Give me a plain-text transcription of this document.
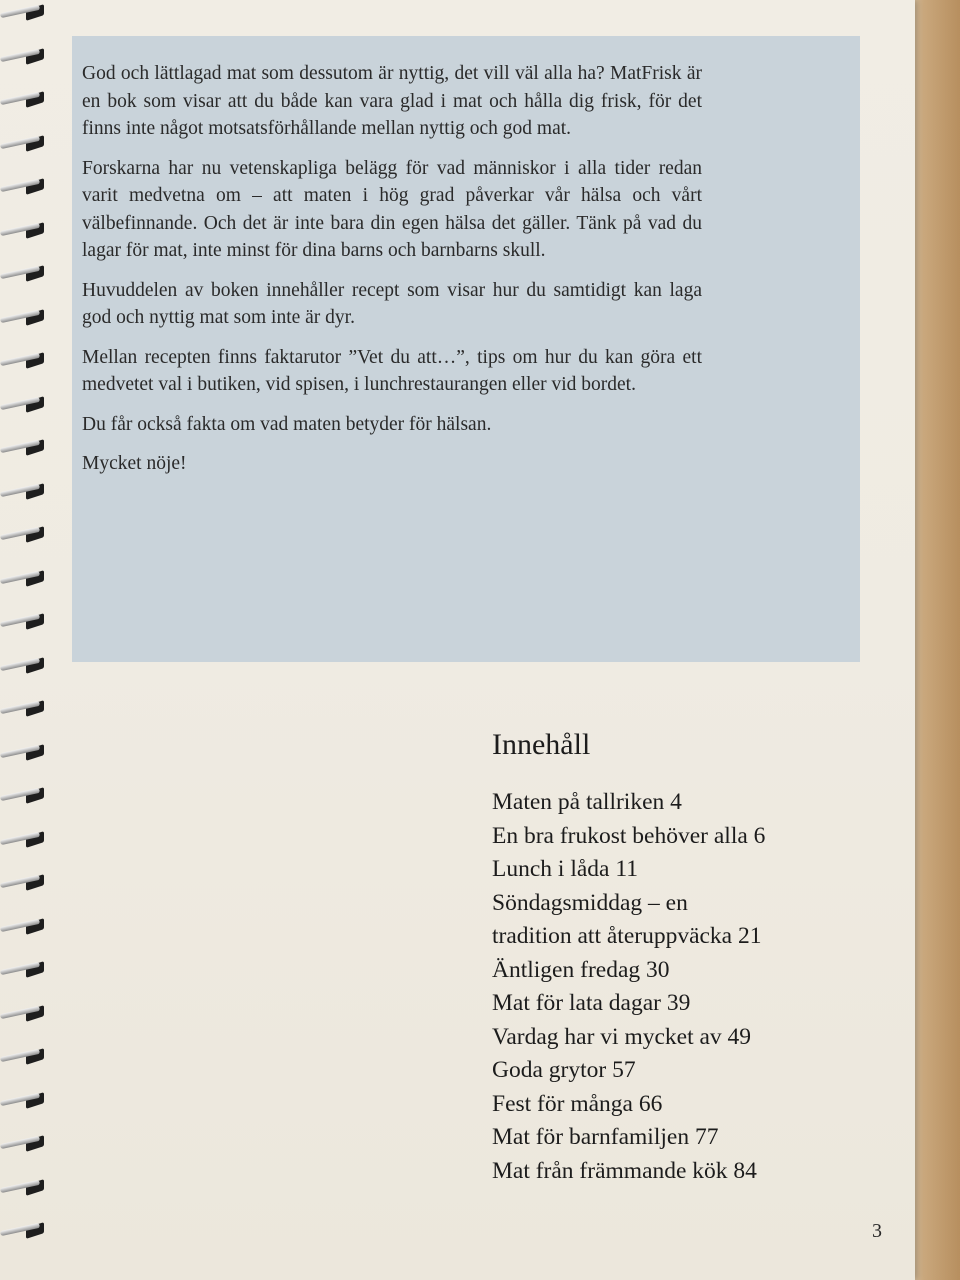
God och lättlagad mat som dessutom är nyttig, det vill väl alla ha? MatFrisk är en bok som visar att du både kan vara glad i mat och hålla dig frisk, för det finns inte något motsatsförhållande mellan nyttig och god mat.

Forskarna har nu vetenskapliga belägg för vad människor i alla tider redan varit medvetna om – att maten i hög grad påverkar vår hälsa och vårt välbefinnande. Och det är inte bara din egen hälsa det gäller. Tänk på vad du lagar för mat, inte minst för dina barns och barnbarns skull.

Huvuddelen av boken innehåller recept som visar hur du samtidigt kan laga god och nyttig mat som inte är dyr.

Mellan recepten finns faktarutor ”Vet du att…”, tips om hur du kan göra ett medvetet val i butiken, vid spisen, i lunchrestaurangen eller vid bordet.

Du får också fakta om vad maten betyder för hälsan.

Mycket nöje!

Innehåll
Maten på tallriken 4
En bra frukost behöver alla 6
Lunch i låda 11
Söndagsmiddag – en
tradition att återuppväcka 21
Äntligen fredag 30
Mat för lata dagar 39
Vardag har vi mycket av 49
Goda grytor 57
Fest för många 66
Mat för barnfamiljen 77
Mat från främmande kök 84
3
